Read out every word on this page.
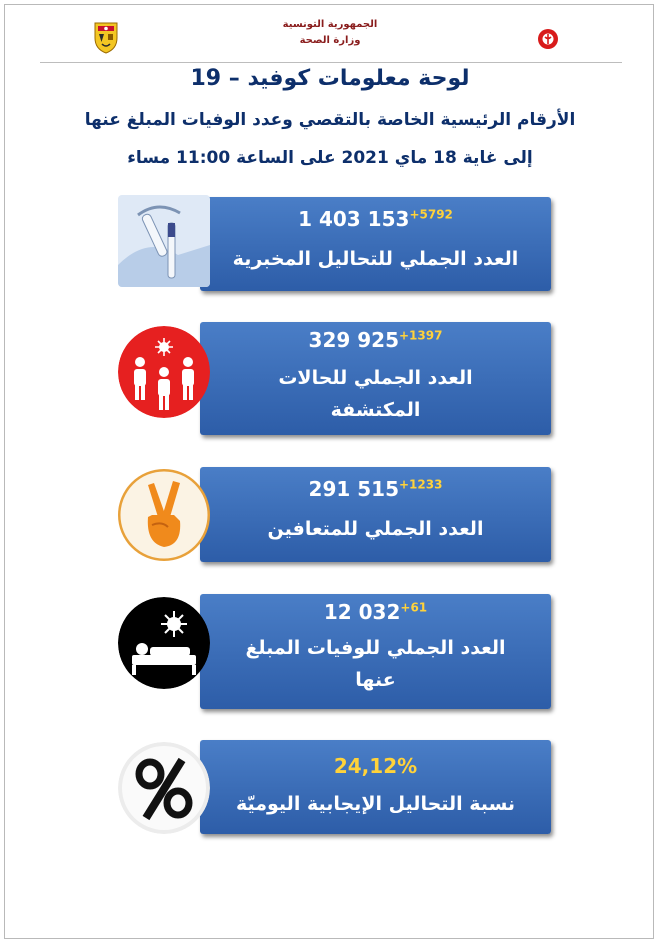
الجمهورية التونسية
وزارة الصحة
لوحة معلومات كوفيد – 19
الأرقام الرئيسية الخاصة بالتقصي وعدد الوفيات المبلغ عنها
إلى غاية 18 ماي 2021 على الساعة 11:00 مساء
1 403 $153^{+5792}$
العدد الجملي للتحاليل المخبرية
329 $925^{+1397}$
العدد الجملي للحالات
المكتشفة
291 $515^{+1233}$
العدد الجملي للمتعافين
12 $032^{+61}$
العدد الجملي للوفيات المبلغ
عنها
24,12%
نسبة التحاليل الإيجابية اليوميّة
